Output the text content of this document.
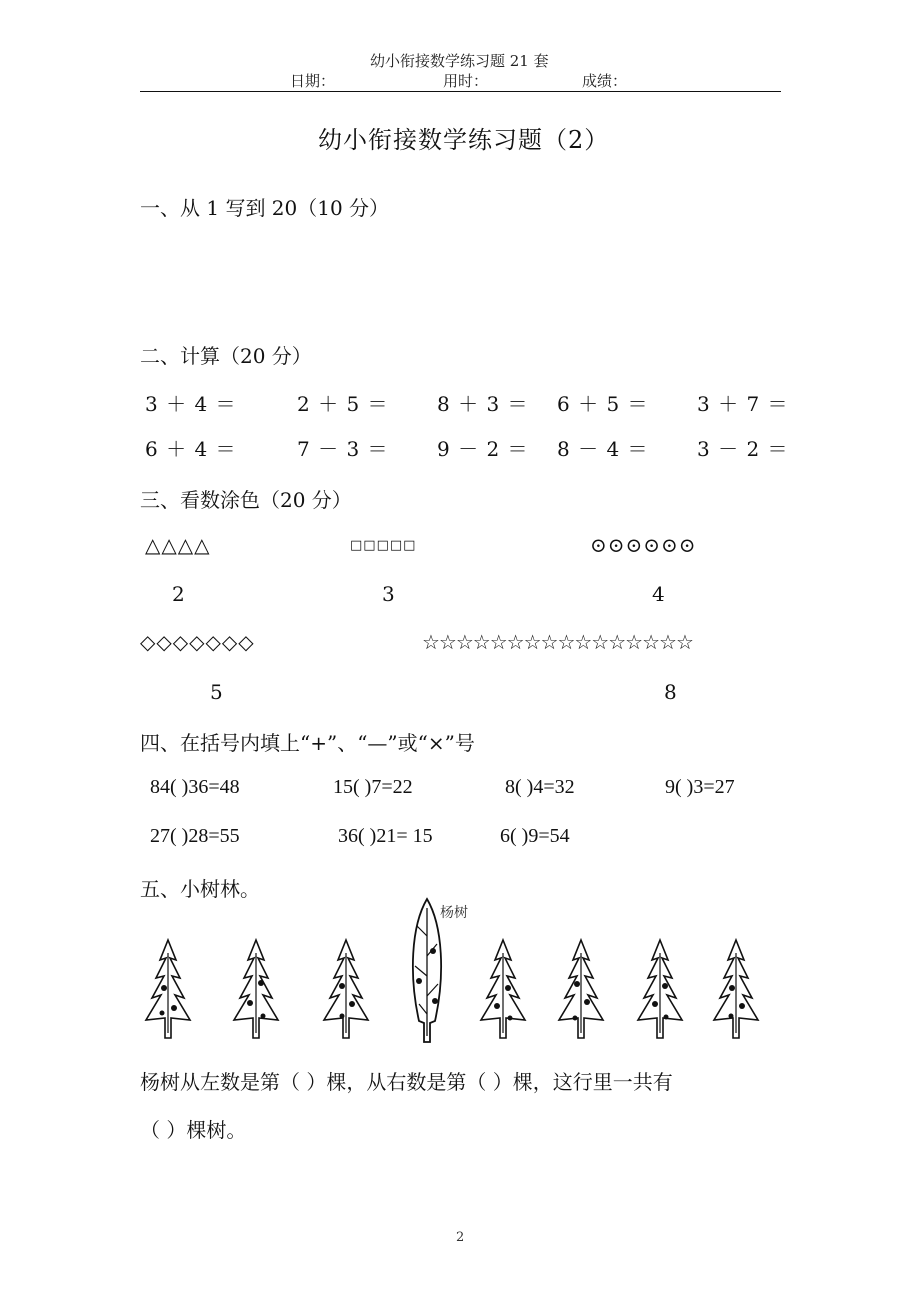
幼小衔接数学练习题 21 套
日期：	用时：	成绩：
幼小衔接数学练习题（2）
一、从 1 写到 20（10 分）
二、计算（20 分）
3 ＋ 4 ＝	2 ＋ 5 ＝ 8 ＋ 3 ＝ 6 ＋ 5 ＝ 3 ＋ 7 ＝
6 ＋ 4 ＝	7 － 3 ＝ 9 － 2 ＝ 8 － 4 ＝ 3 － 2 ＝
三、看数涂色（20 分）
△△△△	□□□□□	⊙⊙⊙⊙⊙⊙
2	3	4
◇◇◇◇◇◇◇	☆☆☆☆☆☆☆☆☆☆☆☆☆☆☆☆
5	8
四、在括号内填上“+”、“—”或“×”号
84( )36=48	15( )7=22	8( )4=32	9( )3=27
27( )28=55	36( )21= 15	6( )9=54
五、小树林。
杨树
杨树从左数是第（ ）棵，从右数是第（ ）棵，这行里一共有
（ ）棵树。
2
